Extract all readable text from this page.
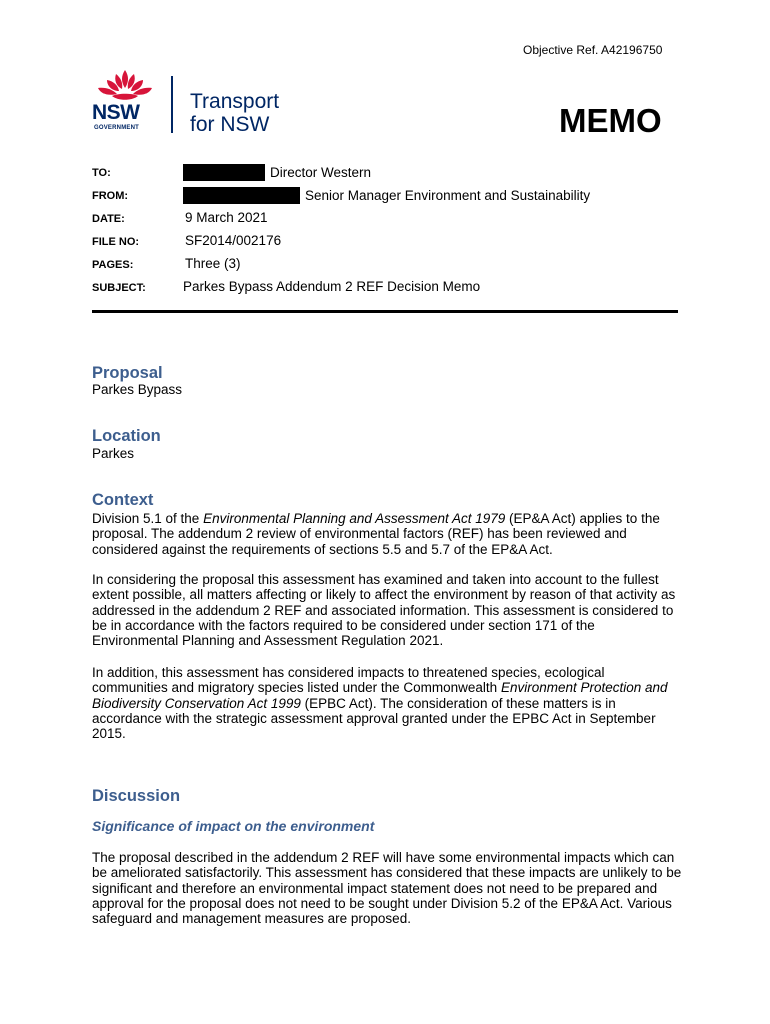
Objective Ref. A42196750
NSW
GOVERNMENT
Transport
for NSW	MEMO
TO:	Director Western
FROM:	Senior Manager Environment and Sustainability
DATE:	9 March 2021
FILE NO:	SF2014/002176
PAGES:	Three (3)
SUBJECT:	Parkes Bypass Addendum 2 REF Decision Memo
Proposal
Parkes Bypass
Location
Parkes
Context

Division 5.1 of the Environmental Planning and Assessment Act 1979 (EP&A Act) applies to the proposal. The addendum 2 review of environmental factors (REF) has been reviewed and considered against the requirements of sections 5.5 and 5.7 of the EP&A Act.

In considering the proposal this assessment has examined and taken into account to the fullest extent possible, all matters affecting or likely to affect the environment by reason of that activity as addressed in the addendum 2 REF and associated information. This assessment is considered to be in accordance with the factors required to be considered under section 171 of the Environmental Planning and Assessment Regulation 2021.

In addition, this assessment has considered impacts to threatened species, ecological communities and migratory species listed under the Commonwealth Environment Protection and Biodiversity Conservation Act 1999 (EPBC Act). The consideration of these matters is in accordance with the strategic assessment approval granted under the EPBC Act in September 2015.

Discussion
Significance of impact on the environment

The proposal described in the addendum 2 REF will have some environmental impacts which can be ameliorated satisfactorily. This assessment has considered that these impacts are unlikely to be significant and therefore an environmental impact statement does not need to be prepared and approval for the proposal does not need to be sought under Division 5.2 of the EP&A Act. Various safeguard and management measures are proposed.
